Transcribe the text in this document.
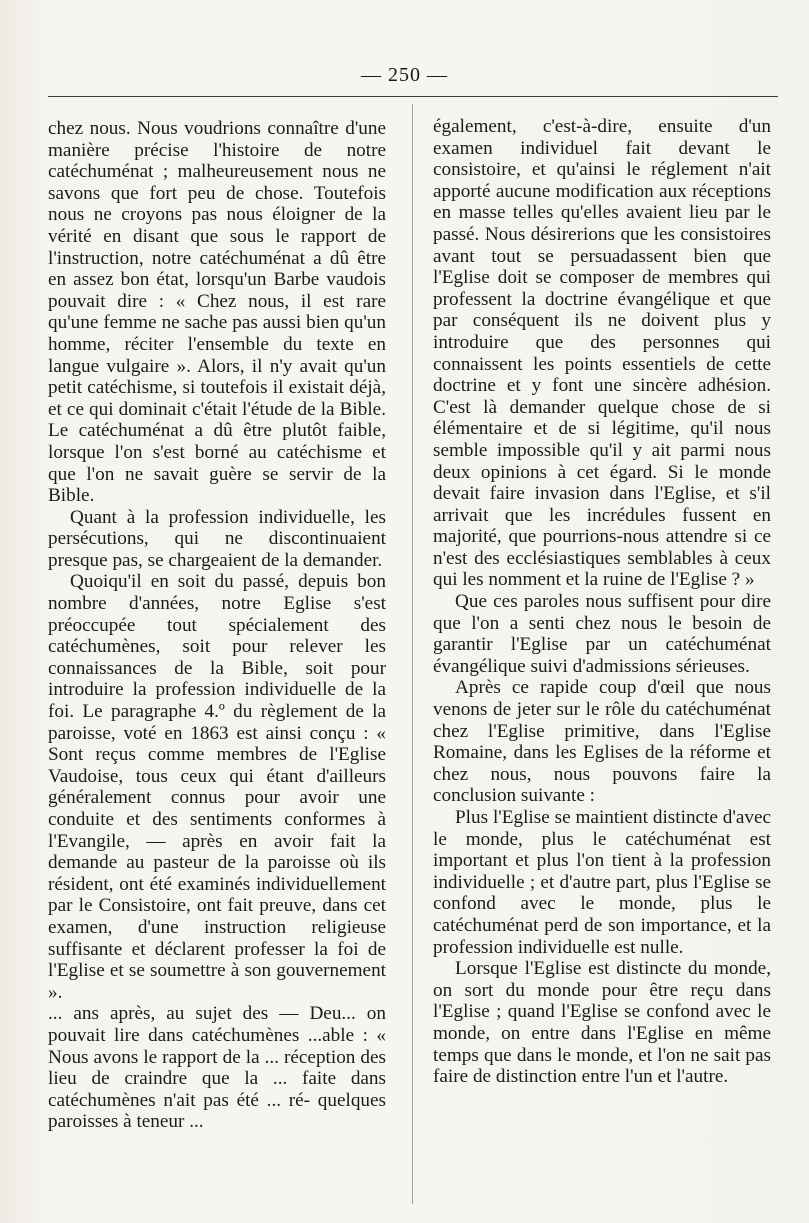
— 250 —

chez nous. Nous voudrions connaître d'une manière précise l'histoire de notre catéchuménat ; malheureusement nous ne savons que fort peu de chose. Toutefois nous ne croyons pas nous éloigner de la vérité en disant que sous le rapport de l'instruction, notre catéchuménat a dû être en assez bon état, lorsqu'un Barbe vaudois pouvait dire : « Chez nous, il est rare qu'une femme ne sache pas aussi bien qu'un homme, réciter l'ensemble du texte en langue vulgaire ». Alors, il n'y avait qu'un petit catéchisme, si toutefois il existait déjà, et ce qui dominait c'était l'étude de la Bible. Le catéchuménat a dû être plutôt faible, lorsque l'on s'est borné au catéchisme et que l'on ne savait guère se servir de la Bible.

Quant à la profession individuelle, les persécutions, qui ne discontinuaient presque pas, se chargeaient de la demander.

Quoiqu'il en soit du passé, depuis bon nombre d'années, notre Eglise s'est préoccupée tout spécialement des catéchumènes, soit pour relever les connaissances de la Bible, soit pour introduire la profession individuelle de la foi. Le paragraphe 4.º du règlement de la paroisse, voté en 1863 est ainsi conçu : « Sont reçus comme membres de l'Eglise Vaudoise, tous ceux qui étant d'ailleurs généralement connus pour avoir une conduite et des sentiments conformes à l'Evangile, — après en avoir fait la demande au pasteur de la paroisse où ils résident, ont été examinés individuellement par le Consistoire, ont fait preuve, dans cet examen, d'une instruction religieuse suffisante et déclarent professer la foi de l'Eglise et se soumettre à son gouvernement ».

... ans après, au sujet des — Deu... on pouvait lire dans catéchumènes ...able : « Nous avons le rapport de la ... réception des lieu de craindre que la ... faite dans catéchumènes n'ait pas été ... ré- quelques paroisses à teneur ...

également, c'est-à-dire, ensuite d'un examen individuel fait devant le consistoire, et qu'ainsi le réglement n'ait apporté aucune modification aux réceptions en masse telles qu'elles avaient lieu par le passé. Nous désirerions que les consistoires avant tout se persuadassent bien que l'Eglise doit se composer de membres qui professent la doctrine évangélique et que par conséquent ils ne doivent plus y introduire que des personnes qui connaissent les points essentiels de cette doctrine et y font une sincère adhésion. C'est là demander quelque chose de si élémentaire et de si légitime, qu'il nous semble impossible qu'il y ait parmi nous deux opinions à cet égard. Si le monde devait faire invasion dans l'Eglise, et s'il arrivait que les incrédules fussent en majorité, que pourrions-nous attendre si ce n'est des ecclésiastiques semblables à ceux qui les nomment et la ruine de l'Eglise ? »

Que ces paroles nous suffisent pour dire que l'on a senti chez nous le besoin de garantir l'Eglise par un catéchuménat évangélique suivi d'admissions sérieuses.

Après ce rapide coup d'œil que nous venons de jeter sur le rôle du catéchuménat chez l'Eglise primitive, dans l'Eglise Romaine, dans les Eglises de la réforme et chez nous, nous pouvons faire la conclusion suivante :

Plus l'Eglise se maintient distincte d'avec le monde, plus le catéchuménat est important et plus l'on tient à la profession individuelle ; et d'autre part, plus l'Eglise se confond avec le monde, plus le catéchuménat perd de son importance, et la profession individuelle est nulle.

Lorsque l'Eglise est distincte du monde, on sort du monde pour être reçu dans l'Eglise ; quand l'Eglise se confond avec le monde, on entre dans l'Eglise en même temps que dans le monde, et l'on ne sait pas faire de distinction entre l'un et l'autre.
